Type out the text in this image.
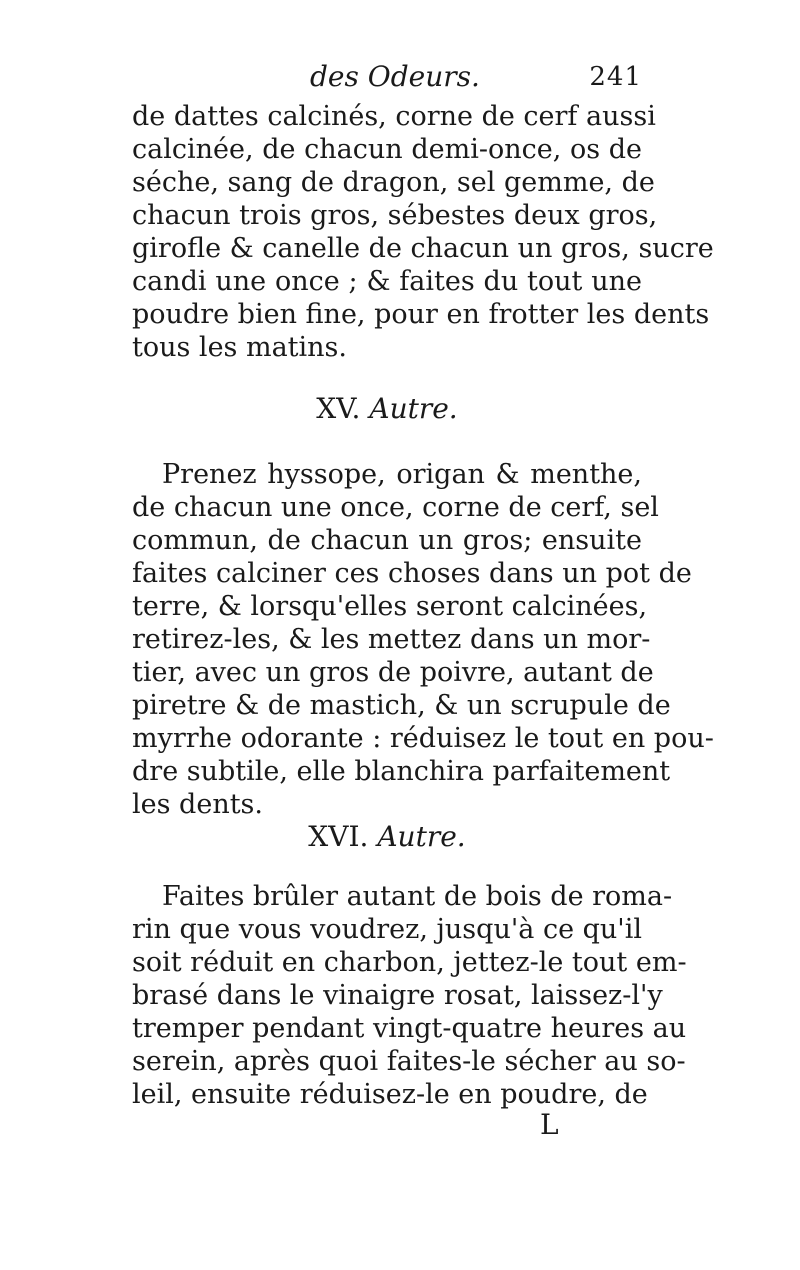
des Odeurs.	241
de dattes calcinés, corne de cerf aussi
calcinée, de chacun demi-once, os de
séche, sang de dragon, sel gemme, de
chacun trois gros, sébestes deux gros,
girofle & canelle de chacun un gros, sucre
candi une once ; & faites du tout une
poudre bien fine, pour en frotter les dents
tous les matins.
XV. Autre.
Prenez hyssope, origan & menthe,
de chacun une once, corne de cerf, sel
commun, de chacun un gros; ensuite
faites calciner ces choses dans un pot de
terre, & lorsqu'elles seront calcinées,
retirez-les, & les mettez dans un mor-
tier, avec un gros de poivre, autant de
piretre & de mastich, & un scrupule de
myrrhe odorante : réduisez le tout en pou-
dre subtile, elle blanchira parfaitement
les dents.
XVI. Autre.
Faites brûler autant de bois de roma-
rin que vous voudrez, jusqu'à ce qu'il
soit réduit en charbon, jettez-le tout em-
brasé dans le vinaigre rosat, laissez-l'y
tremper pendant vingt-quatre heures au
serein, après quoi faites-le sécher au so-
leil, ensuite réduisez-le en poudre, de
L
